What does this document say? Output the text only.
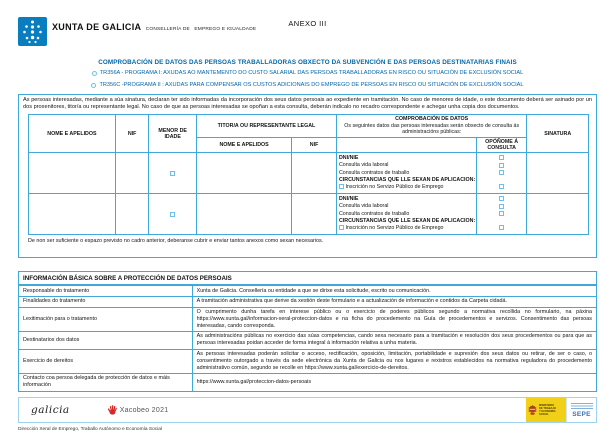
XUNTA DE GALICIA CONSELLERÍA DE EMPREGO E IGUALDADE
ANEXO III
COMPROBACIÓN DE DATOS DAS PERSOAS TRABALLADORAS OBXECTO DA SUBVENCIÓN E DAS PERSOAS DESTINATARIAS FINAIS
TR356A - PROGRAMA I: AXUDAS AO MANTEMENTO DO CUSTO SALARIAL DAS PERSOAS TRABALLADORAS EN RISCO OU SITUACIÓN DE EXCLUSIÓN SOCIAL
TR356C -PROGRAMA II : AXUDAS PARA COMPENSAR OS CUSTOS ADICIONAIS DO EMPREGO DE PERSOAS EN RISCO OU SITUACIÓN DE EXCLUSIÓN SOCIAL

As persoas interesadas, mediante a súa sinatura, declaran ter sido informadas da incorporación dos seus datos persoais ao expediente en tramitación. No caso de menores de idade, o este documento deberá ser asinado por un dos proxenitores, titor/a ou representante legal. No caso de que as persoas interesadas se opoñan a esta consulta, deberán indicalo no recadro correspondente e achegar unha copia dos documentos.

NOME E APELIDOS	NIF	MENOR DE IDADE	TITOR/A OU REPRESENTANTE LEGAL		COMPROBACIÓN DE DATOS
Os seguintes datos das persoas interesadas serán obxecto de consulta ás administracións públicas:		SINATURA
			NOME E APELIDOS	NIF		OPÓÑOME Á CONSULTA	

					DNI/NIE
Consulta vida laboral
Consulta contratos de traballo
CIRCUNSTANCIAS QUE LLE SEXAN DE APLICACIÓN:
Inscrición no Servizo Público de Emprego		

					DNI/NIE
Consulta vida laboral
Consulta contratos de traballo
CIRCUNSTANCIAS QUE LLE SEXAN DE APLICACIÓN:
Inscrición no Servizo Público de Emprego		

De non ser suficiente o espazo previsto no cadro anterior, deberanse cubrir e enviar tantos anexos como sexan necesarios.

INFORMACIÓN BÁSICA SOBRE A PROTECCIÓN DE DATOS PERSOAIS
Responsable do tratamento	Xunta de Galicia. Consellería ou entidade a que se dirixe esta solicitude, escrito ou comunicación.
Finalidades do tratamento	A tramitación administrativa que derive da xestión deste formulario e a actualización de información e contidos da Carpeta cidadá.
Lexitimación para o tratamento	O cumprimento dunha tarefa en interese público ou o exercicio de poderes públicos segundo a normativa recollida no formulario, na páxina https://www.xunta.gal/informacion-xeral-proteccion-datos e na ficha do procedemento na Guía de procedementos e servizos. Consentimento das persoas interesadas, cando corresponda.
Destinatarios dos datos	As administracións públicas no exercicio das súas competencias, cando sexa necesario para a tramitación e resolución dos seus procedementos ou para que as persoas interesadas poidan acceder de forma integral á información relativa a unha materia.
Exercicio de dereitos	As persoas interesadas poderán solicitar o acceso, rectificación, oposición, limitación, portabilidade e supresión dos seus datos ou retirar, de ser o caso, o consentimento outorgado a través da sede electrónica da Xunta de Galicia ou nos lugares e rexistros establecidos na normativa reguladora do procedemento administrativo común, segundo se recolle en https://www.xunta.gal/exercicio-de-dereitos.
Contacto coa persoa delegada de protección de datos e máis información	https://www.xunta.gal/proteccion-datos-persoais
galicia	Xacobeo 2021
MINISTERIO
DE TRABAJO
Y ECONOMÍA SOCIAL	SEPE
Dirección Xeral de Emprego, Traballo Autónomo e Economía Social
